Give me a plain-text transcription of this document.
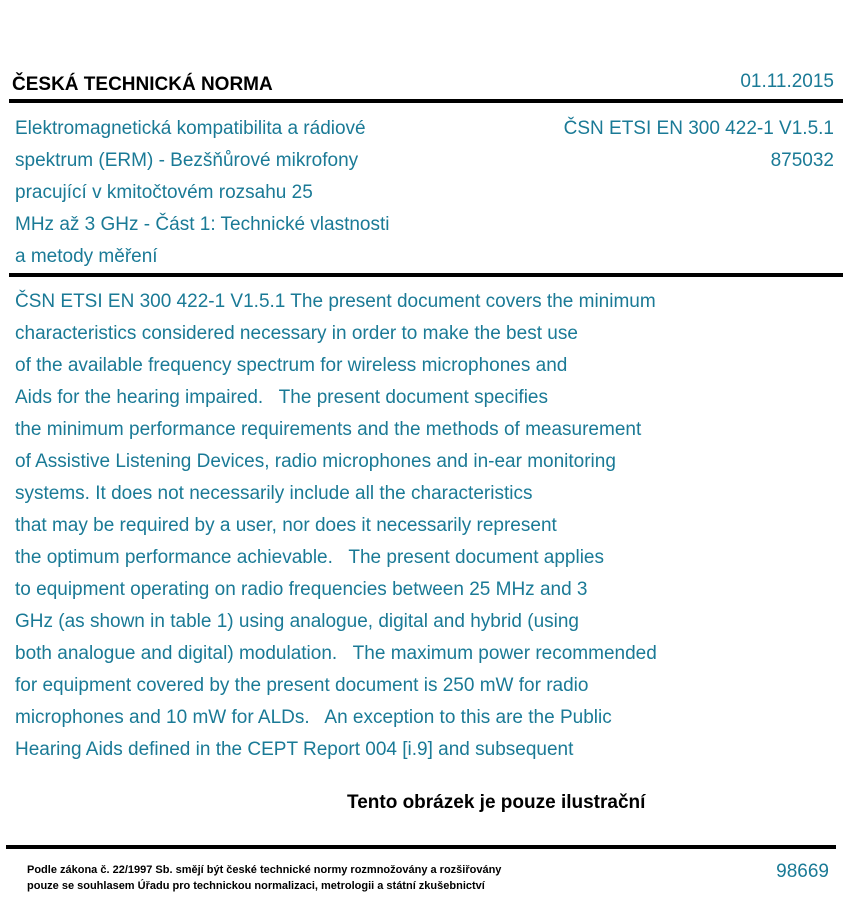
ČESKÁ TECHNICKÁ NORMA	01.11.2015
Elektromagnetická kompatibilita a rádiové
spektrum (ERM) - Bezšňůrové mikrofony
pracující v kmitočtovém rozsahu 25
MHz až 3 GHz - Část 1: Technické vlastnosti
a metody měření
ČSN ETSI EN 300 422-1 V1.5.1
875032
ČSN ETSI EN 300 422-1 V1.5.1 The present document covers the minimum
characteristics considered necessary in order to make the best use
of the available frequency spectrum for wireless microphones and
Aids for the hearing impaired.   The present document specifies
the minimum performance requirements and the methods of measurement
of Assistive Listening Devices, radio microphones and in-ear monitoring
systems. It does not necessarily include all the characteristics
that may be required by a user, nor does it necessarily represent
the optimum performance achievable.   The present document applies
to equipment operating on radio frequencies between 25 MHz and 3
GHz (as shown in table 1) using analogue, digital and hybrid (using
both analogue and digital) modulation.   The maximum power recommended
for equipment covered by the present document is 250 mW for radio
microphones and 10 mW for ALDs.   An exception to this are the Public
Hearing Aids defined in the CEPT Report 004 [i.9] and subsequent
Tento obrázek je pouze ilustrační
Podle zákona č. 22/1997 Sb. smějí být české technické normy rozmnožovány a rozšiřovány
pouze se souhlasem Úřadu pro technickou normalizaci, metrologii a státní zkušebnictví
98669
